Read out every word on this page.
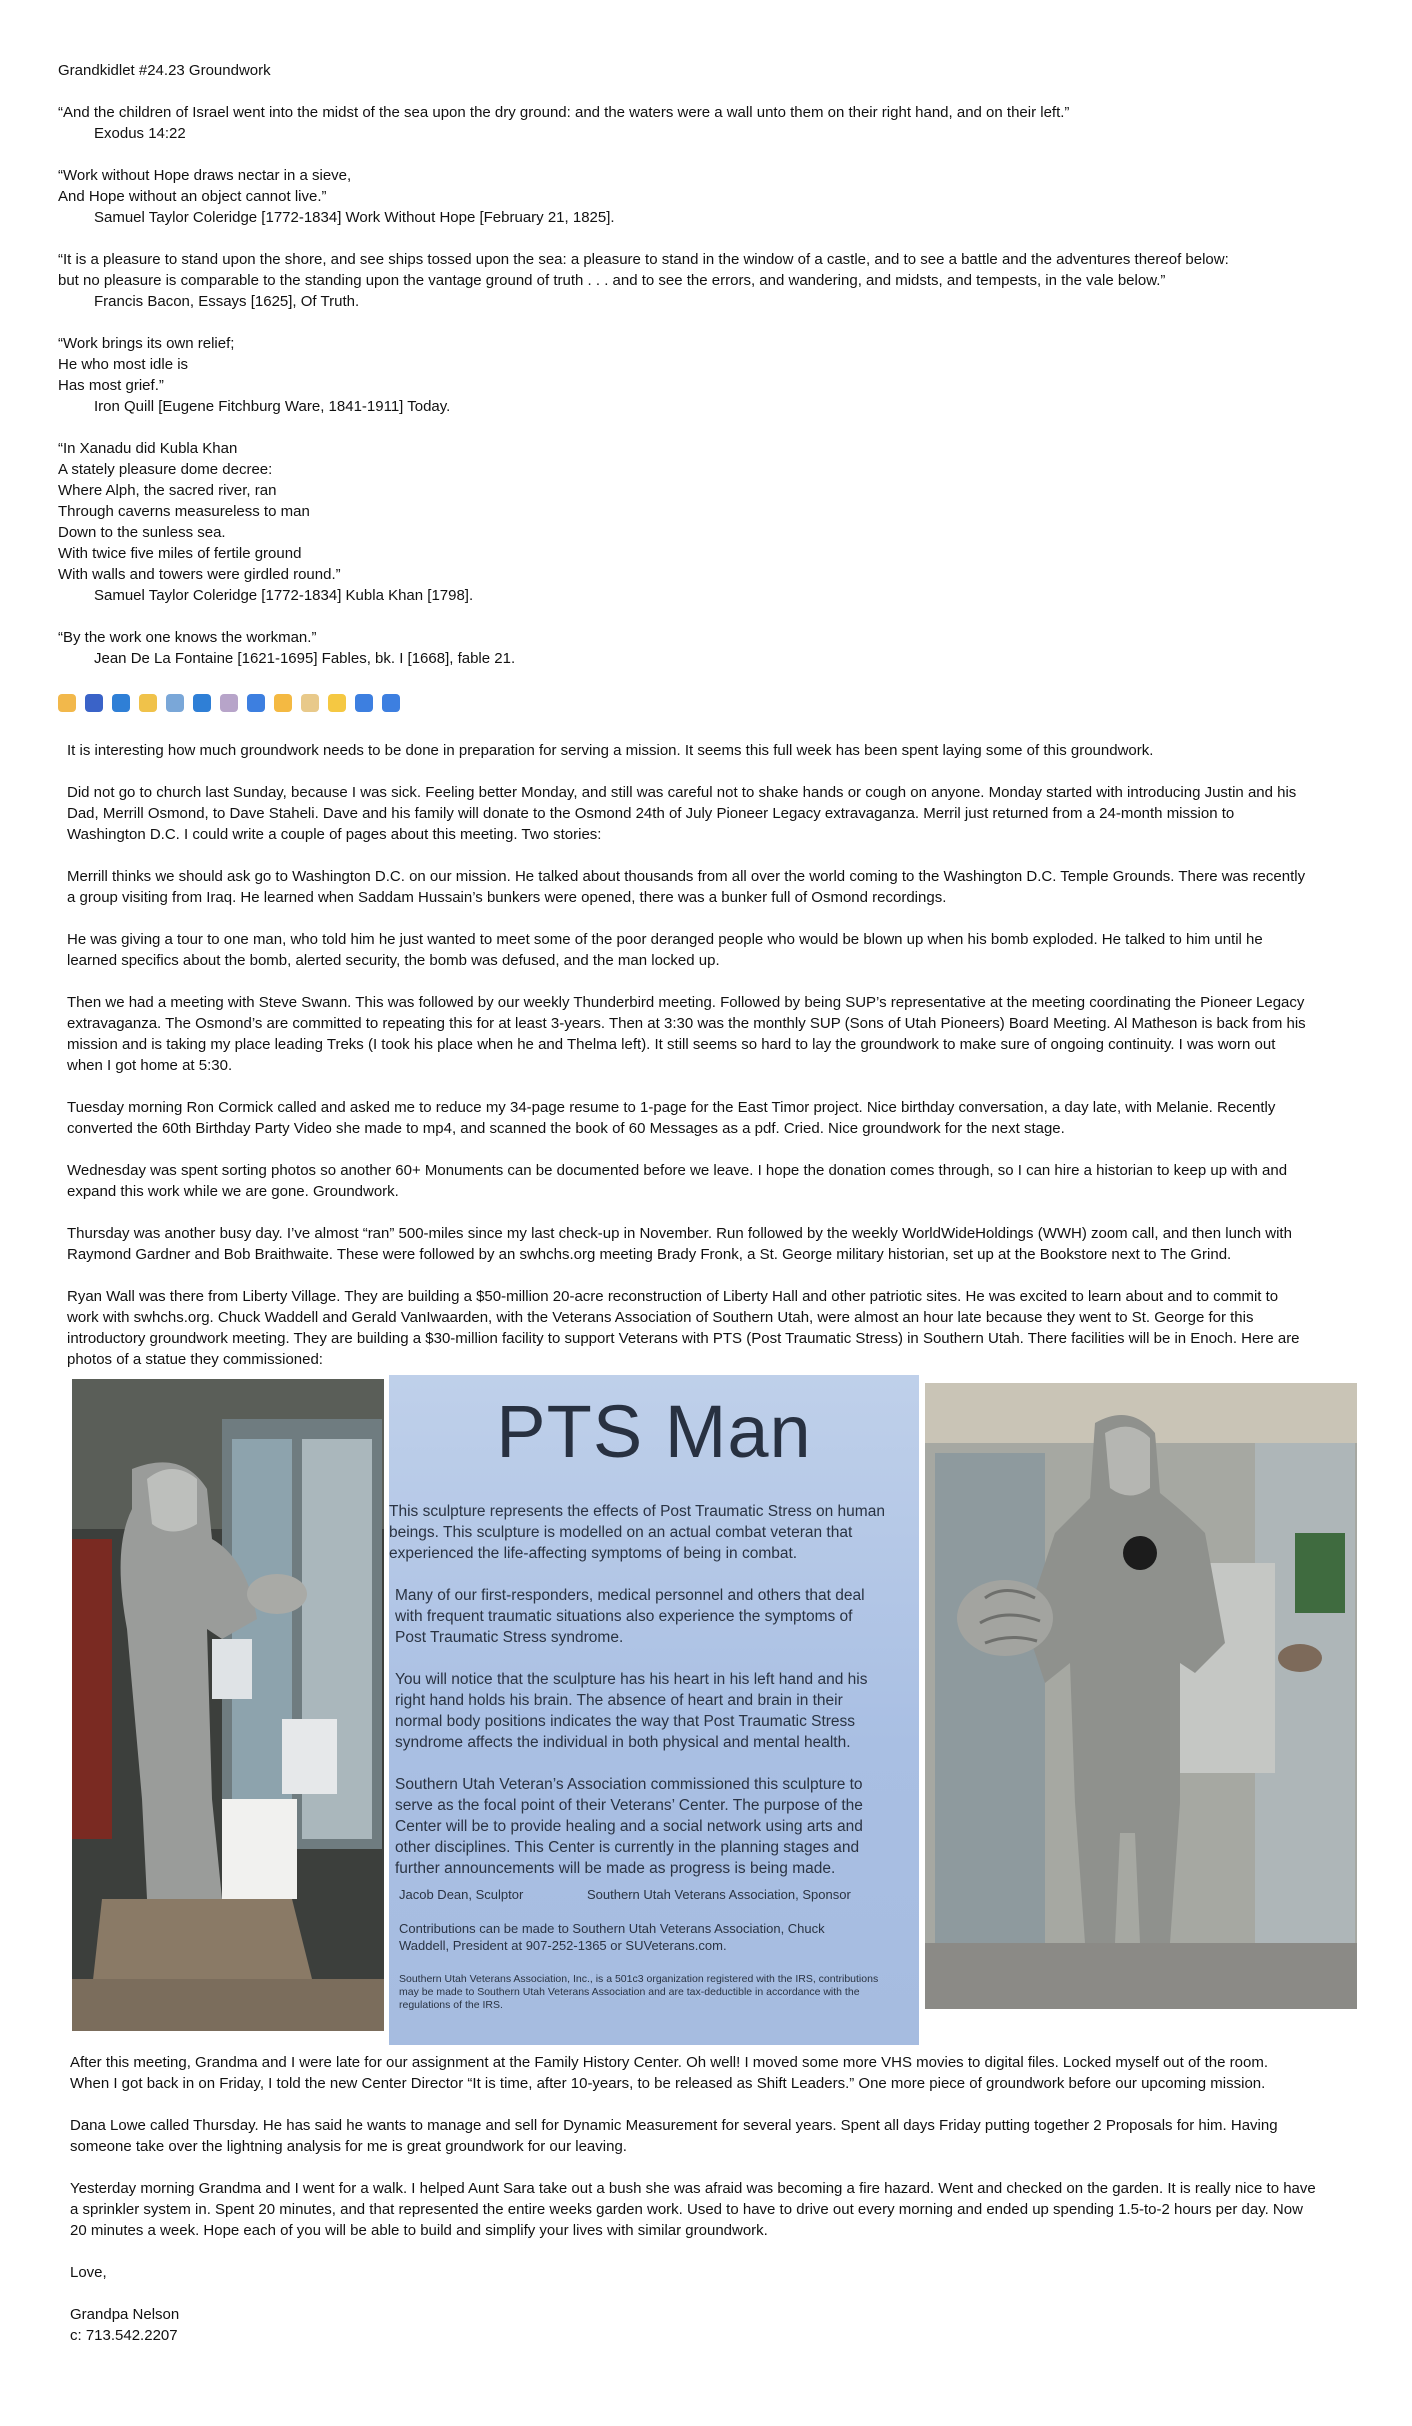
Grandkidlet #24.23 Groundwork
“And the children of Israel went into the midst of the sea upon the dry ground: and the waters were a wall unto them on their right hand, and on their left.”
Exodus 14:22
“Work without Hope draws nectar in a sieve,
And Hope without an object cannot live.”
Samuel Taylor Coleridge [1772-1834] Work Without Hope [February 21, 1825].
“It is a pleasure to stand upon the shore, and see ships tossed upon the sea: a pleasure to stand in the window of a castle, and to see a battle and the adventures thereof below:
but no pleasure is comparable to the standing upon the vantage ground of truth . . . and to see the errors, and wandering, and midsts, and tempests, in the vale below.”
Francis Bacon, Essays [1625], Of Truth.
“Work brings its own relief;
He who most idle is
Has most grief.”
Iron Quill [Eugene Fitchburg Ware, 1841-1911] Today.
“In Xanadu did Kubla Khan
A stately pleasure dome decree:
Where Alph, the sacred river, ran
Through caverns measureless to man
Down to the sunless sea.
With twice five miles of fertile ground
With walls and towers were girdled round.”
Samuel Taylor Coleridge [1772-1834] Kubla Khan [1798].
“By the work one knows the workman.”
Jean De La Fontaine [1621-1695] Fables, bk. I [1668], fable 21.
It is interesting how much groundwork needs to be done in preparation for serving a mission. It seems this full week has been spent laying some of this groundwork.
Did not go to church last Sunday, because I was sick. Feeling better Monday, and still was careful not to shake hands or cough on anyone. Monday started with introducing Justin and his
Dad, Merrill Osmond, to Dave Staheli. Dave and his family will donate to the Osmond 24th of July Pioneer Legacy extravaganza. Merril just returned from a 24-month mission to
Washington D.C. I could write a couple of pages about this meeting. Two stories:
Merrill thinks we should ask go to Washington D.C. on our mission. He talked about thousands from all over the world coming to the Washington D.C. Temple Grounds. There was recently
a group visiting from Iraq. He learned when Saddam Hussain’s bunkers were opened, there was a bunker full of Osmond recordings.
He was giving a tour to one man, who told him he just wanted to meet some of the poor deranged people who would be blown up when his bomb exploded. He talked to him until he
learned specifics about the bomb, alerted security, the bomb was defused, and the man locked up.
Then we had a meeting with Steve Swann. This was followed by our weekly Thunderbird meeting. Followed by being SUP’s representative at the meeting coordinating the Pioneer Legacy
extravaganza. The Osmond’s are committed to repeating this for at least 3-years. Then at 3:30 was the monthly SUP (Sons of Utah Pioneers) Board Meeting. Al Matheson is back from his
mission and is taking my place leading Treks (I took his place when he and Thelma left). It still seems so hard to lay the groundwork to make sure of ongoing continuity. I was worn out
when I got home at 5:30.
Tuesday morning Ron Cormick called and asked me to reduce my 34-page resume to 1-page for the East Timor project. Nice birthday conversation, a day late, with Melanie. Recently
converted the 60th Birthday Party Video she made to mp4, and scanned the book of 60 Messages as a pdf. Cried. Nice groundwork for the next stage.
Wednesday was spent sorting photos so another 60+ Monuments can be documented before we leave. I hope the donation comes through, so I can hire a historian to keep up with and
expand this work while we are gone. Groundwork.
Thursday was another busy day. I’ve almost “ran” 500-miles since my last check-up in November. Run followed by the weekly WorldWideHoldings (WWH) zoom call, and then lunch with
Raymond Gardner and Bob Braithwaite. These were followed by an swhchs.org meeting Brady Fronk, a St. George military historian, set up at the Bookstore next to The Grind.
Ryan Wall was there from Liberty Village. They are building a $50-million 20-acre reconstruction of Liberty Hall and other patriotic sites. He was excited to learn about and to commit to
work with swhchs.org. Chuck Waddell and Gerald VanIwaarden, with the Veterans Association of Southern Utah, were almost an hour late because they went to St. George for this
introductory groundwork meeting. They are building a $30-million facility to support Veterans with PTS (Post Traumatic Stress) in Southern Utah. There facilities will be in Enoch. Here are
photos of a statue they commissioned:
PTS Man
This sculpture represents the effects of Post Traumatic Stress on human
beings. This sculpture is modelled on an actual combat veteran that
experienced the life-affecting symptoms of being in combat.
Many of our first-responders, medical personnel and others that deal
with frequent traumatic situations also experience the symptoms of
Post Traumatic Stress syndrome.
You will notice that the sculpture has his heart in his left hand and his
right hand holds his brain. The absence of heart and brain in their
normal body positions indicates the way that Post Traumatic Stress
syndrome affects the individual in both physical and mental health.
Southern Utah Veteran’s Association commissioned this sculpture to
serve as the focal point of their Veterans’ Center. The purpose of the
Center will be to provide healing and a social network using arts and
other disciplines. This Center is currently in the planning stages and
further announcements will be made as progress is being made.
Jacob Dean, Sculptor	Southern Utah Veterans Association, Sponsor
Contributions can be made to Southern Utah Veterans Association, Chuck
Waddell, President at 907-252-1365 or SUVeterans.com.
Southern Utah Veterans Association, Inc., is a 501c3 organization registered with the IRS, contributions
may be made to Southern Utah Veterans Association and are tax-deductible in accordance with the
regulations of the IRS.
After this meeting, Grandma and I were late for our assignment at the Family History Center. Oh well! I moved some more VHS movies to digital files. Locked myself out of the room.
When I got back in on Friday, I told the new Center Director “It is time, after 10-years, to be released as Shift Leaders.” One more piece of groundwork before our upcoming mission.
Dana Lowe called Thursday. He has said he wants to manage and sell for Dynamic Measurement for several years. Spent all days Friday putting together 2 Proposals for him. Having
someone take over the lightning analysis for me is great groundwork for our leaving.
Yesterday morning Grandma and I went for a walk. I helped Aunt Sara take out a bush she was afraid was becoming a fire hazard. Went and checked on the garden. It is really nice to have
a sprinkler system in. Spent 20 minutes, and that represented the entire weeks garden work. Used to have to drive out every morning and ended up spending 1.5-to-2 hours per day. Now
20 minutes a week. Hope each of you will be able to build and simplify your lives with similar groundwork.
Love,
Grandpa Nelson
c: 713.542.2207
